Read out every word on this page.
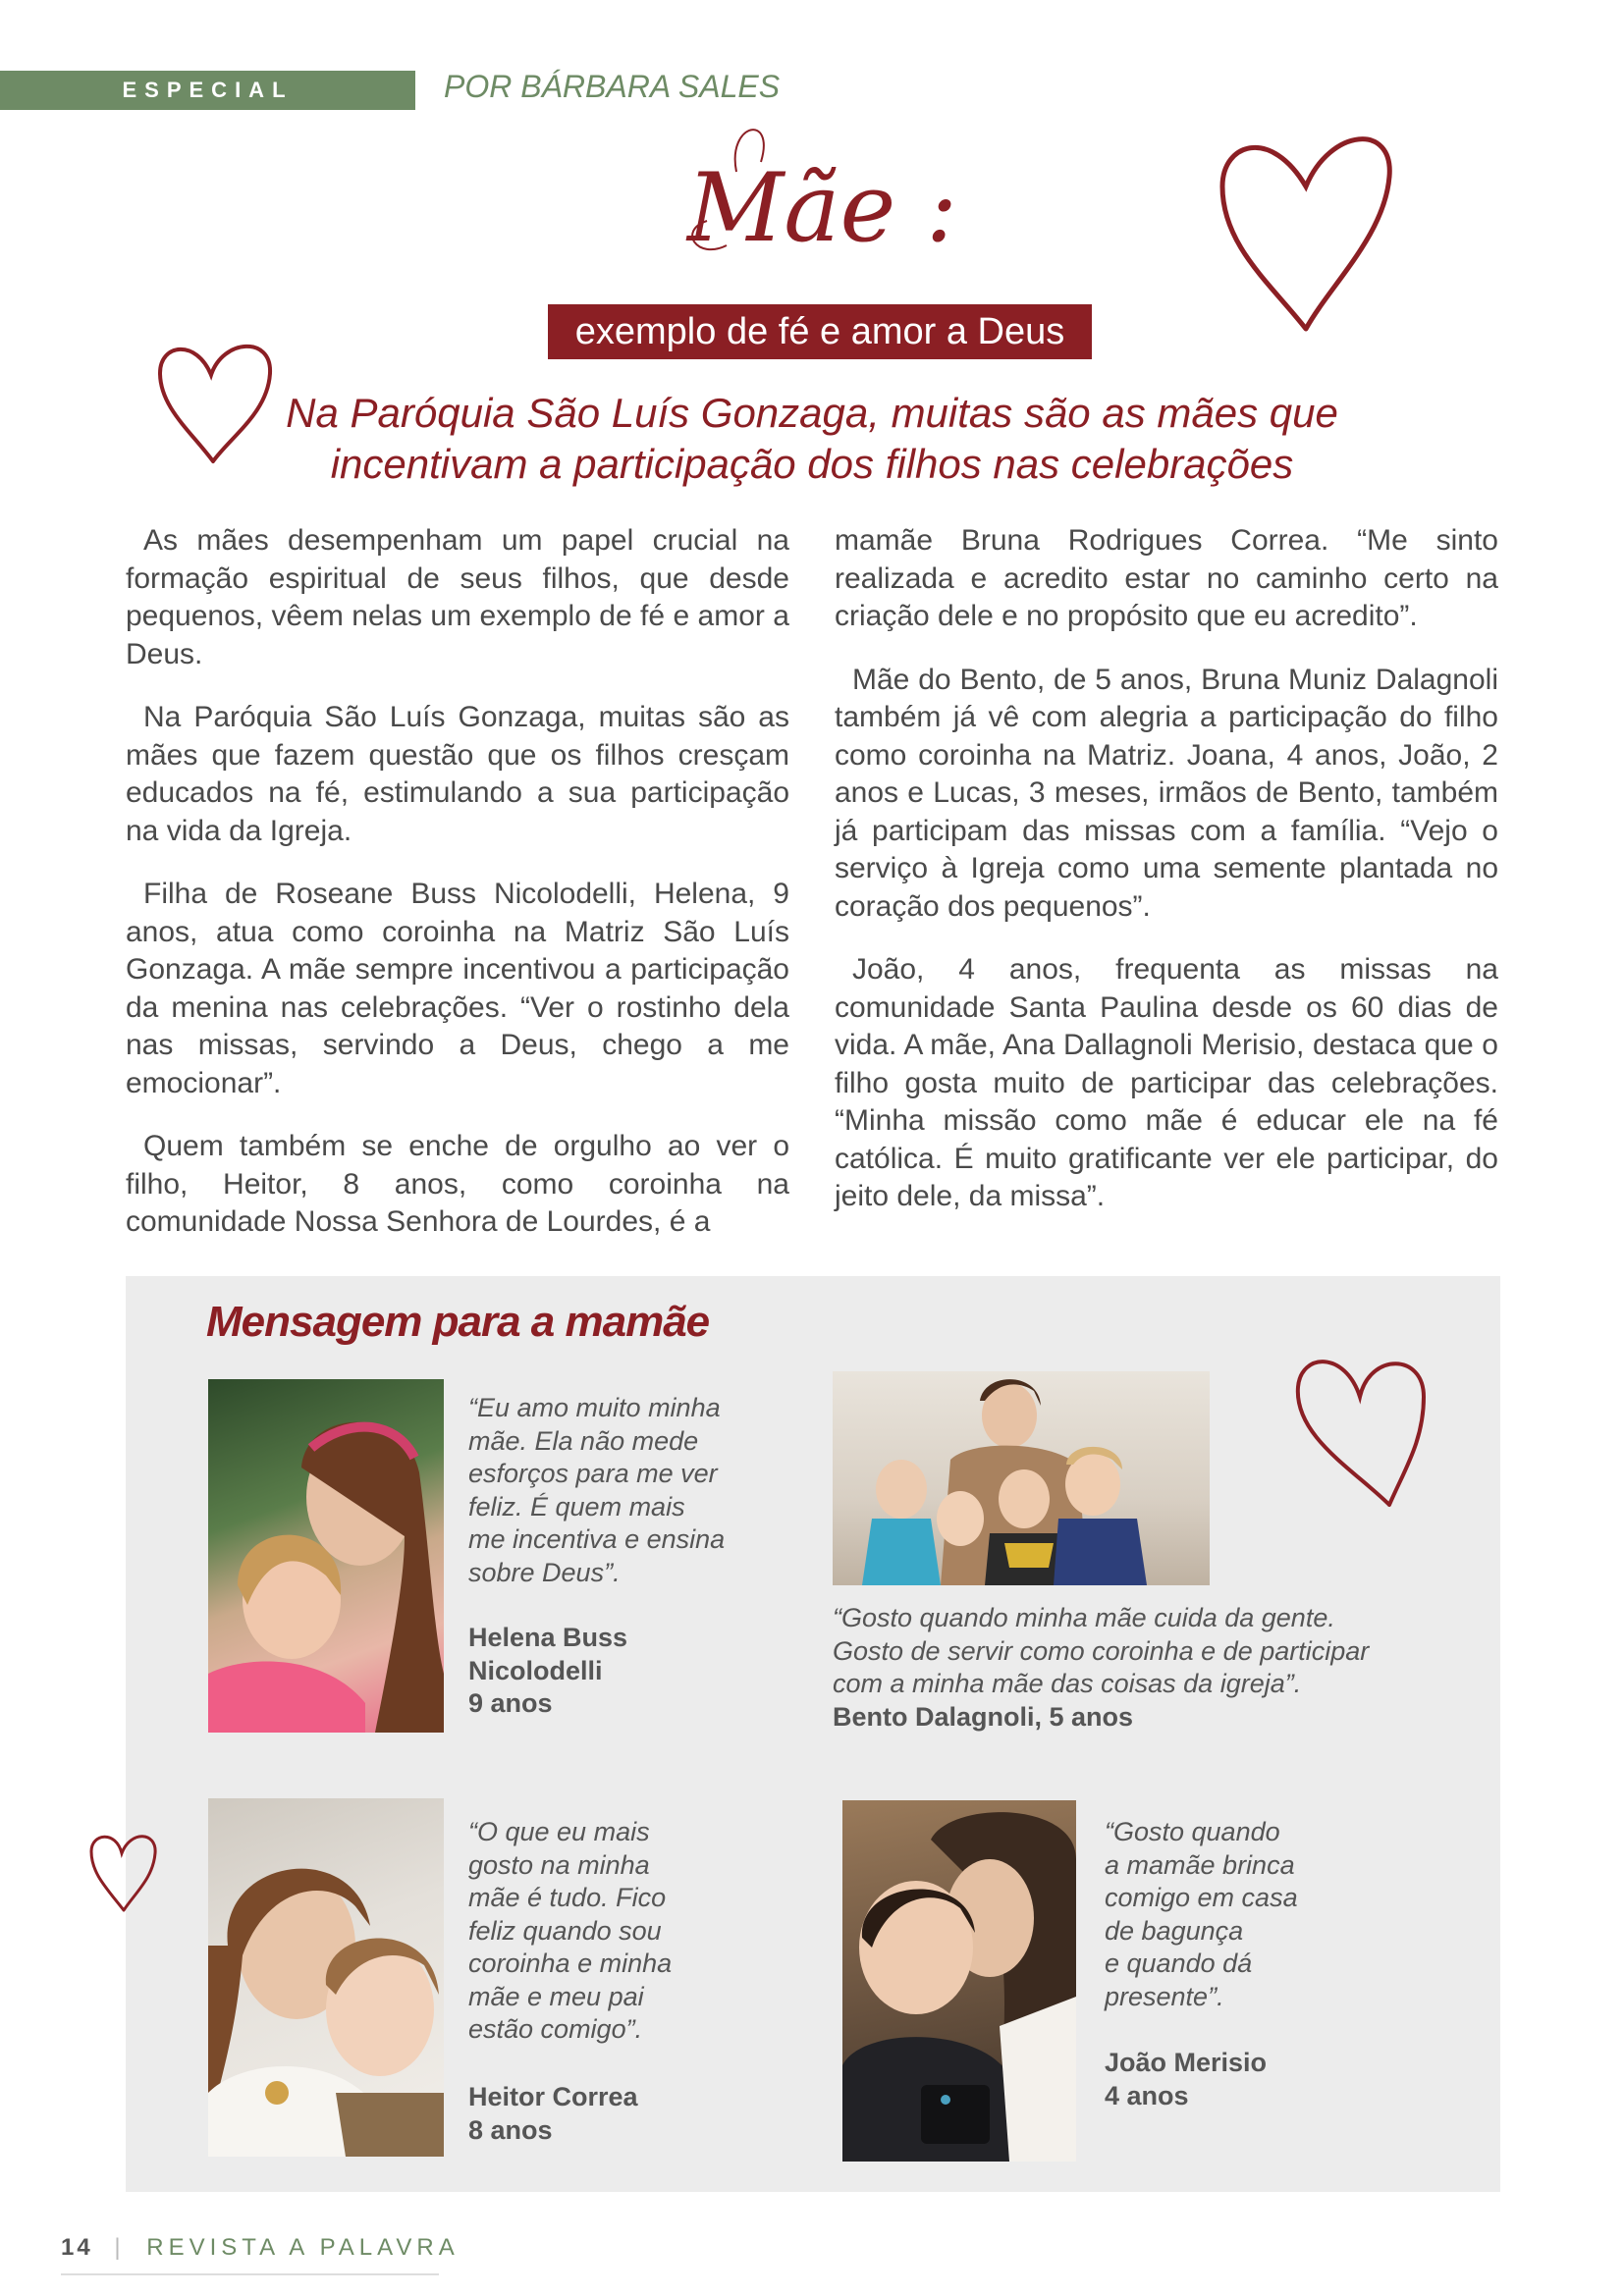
ESPECIAL	POR BÁRBARA SALES
Mãe :
exemplo de fé e amor a Deus
Na Paróquia São Luís Gonzaga, muitas são as mães que
incentivam a participação dos filhos nas celebrações

As mães desempenham um papel crucial na formação espiritual de seus filhos, que desde pequenos, vêem nelas um exemplo de fé e amor a Deus.

Na Paróquia São Luís Gonzaga, muitas são as mães que fazem questão que os filhos cresçam educados na fé, estimulando a sua participação na vida da Igreja.

Filha de Roseane Buss Nicolodelli, Helena, 9 anos, atua como coroinha na Matriz São Luís Gonzaga. A mãe sempre incentivou a participação da menina nas celebrações. “Ver o rostinho dela nas missas, servindo a Deus, chego a me emocionar”.

Quem também se enche de orgulho ao ver o filho, Heitor, 8 anos, como coroinha na comunidade Nossa Senhora de Lourdes, é a

mamãe Bruna Rodrigues Correa. “Me sinto realizada e acredito estar no caminho certo na criação dele e no propósito que eu acredito”.

Mãe do Bento, de 5 anos, Bruna Muniz Dalagnoli também já vê com alegria a participação do filho como coroinha na Matriz. Joana, 4 anos, João, 2 anos e Lucas, 3 meses, irmãos de Bento, também já participam das missas com a família. “Vejo o serviço à Igreja como uma semente plantada no coração dos pequenos”.

João, 4 anos, frequenta as missas na comunidade Santa Paulina desde os 60 dias de vida. A mãe, Ana Dallagnoli Merisio, destaca que o filho gosta muito de participar das celebrações. “Minha missão como mãe é educar ele na fé católica. É muito gratificante ver ele participar, do jeito dele, da missa”.

Mensagem para a mamãe
“Eu amo muito minha
mãe. Ela não mede
esforços para me ver
feliz. É quem mais
me incentiva e ensina
sobre Deus”.
Helena Buss
Nicolodelli
9 anos
“Gosto quando minha mãe cuida da gente.
Gosto de servir como coroinha e de participar
com a minha mãe das coisas da igreja”.
Bento Dalagnoli, 5 anos
“O que eu mais
gosto na minha
mãe é tudo. Fico
feliz quando sou
coroinha e minha
mãe e meu pai
estão comigo”.
Heitor Correa
8 anos
“Gosto quando
a mamãe brinca
comigo em casa
de bagunça
e quando dá
presente”.
João Merisio
4 anos
14 | REVISTA A PALAVRA
